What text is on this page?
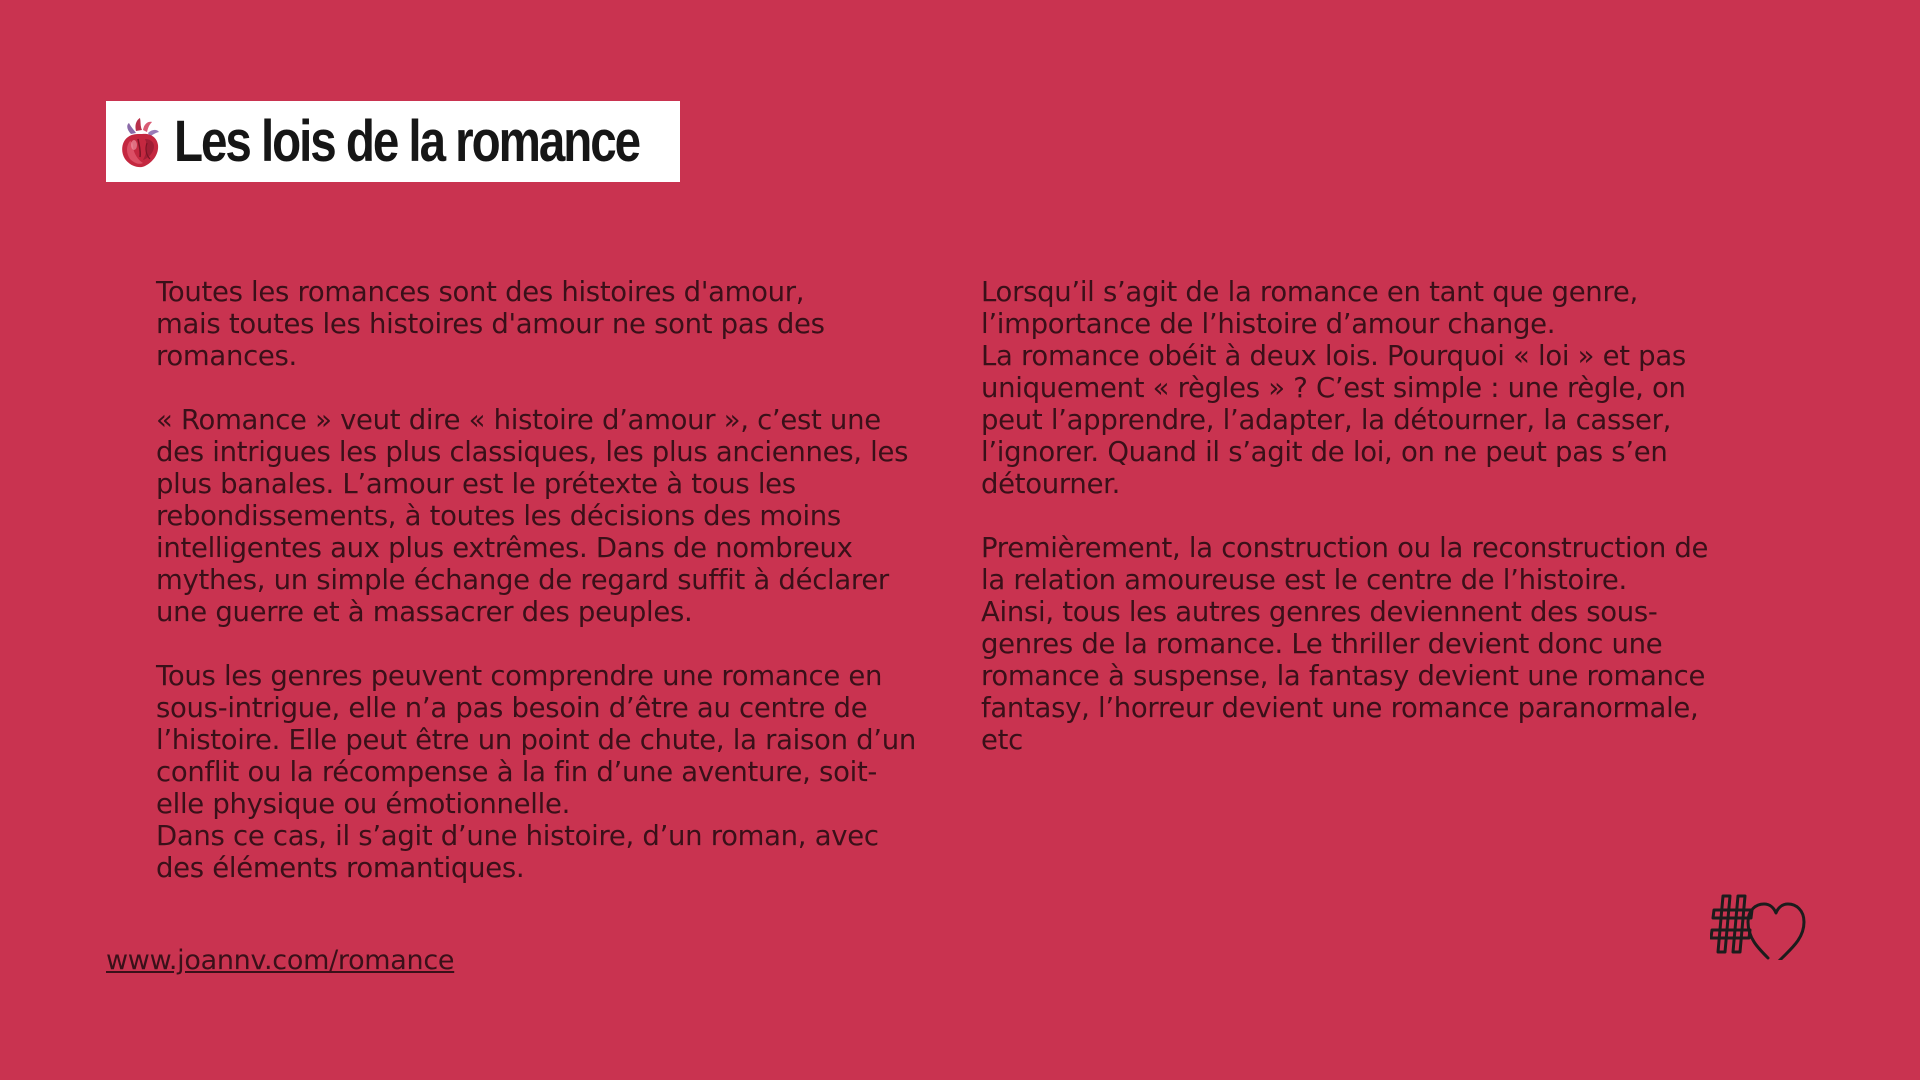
Les lois de la romance

Toutes les romances sont des histoires d'amour,
mais toutes les histoires d'amour ne sont pas des
romances.

« Romance » veut dire « histoire d’amour », c’est une
des intrigues les plus classiques, les plus anciennes, les
plus banales. L’amour est le prétexte à tous les
rebondissements, à toutes les décisions des moins
intelligentes aux plus extrêmes. Dans de nombreux
mythes, un simple échange de regard suffit à déclarer
une guerre et à massacrer des peuples.

Tous les genres peuvent comprendre une romance en
sous-intrigue, elle n’a pas besoin d’être au centre de
l’histoire. Elle peut être un point de chute, la raison d’un
conflit ou la récompense à la fin d’une aventure, soit-
elle physique ou émotionnelle.
Dans ce cas, il s’agit d’une histoire, d’un roman, avec
des éléments romantiques.

Lorsqu’il s’agit de la romance en tant que genre,
l’importance de l’histoire d’amour change.
La romance obéit à deux lois. Pourquoi « loi » et pas
uniquement « règles » ? C’est simple : une règle, on
peut l’apprendre, l’adapter, la détourner, la casser,
l’ignorer. Quand il s’agit de loi, on ne peut pas s’en
détourner.

Premièrement, la construction ou la reconstruction de
la relation amoureuse est le centre de l’histoire.
Ainsi, tous les autres genres deviennent des sous-
genres de la romance. Le thriller devient donc une
romance à suspense, la fantasy devient une romance
fantasy, l’horreur devient une romance paranormale,
etc

www.joannv.com/romance
